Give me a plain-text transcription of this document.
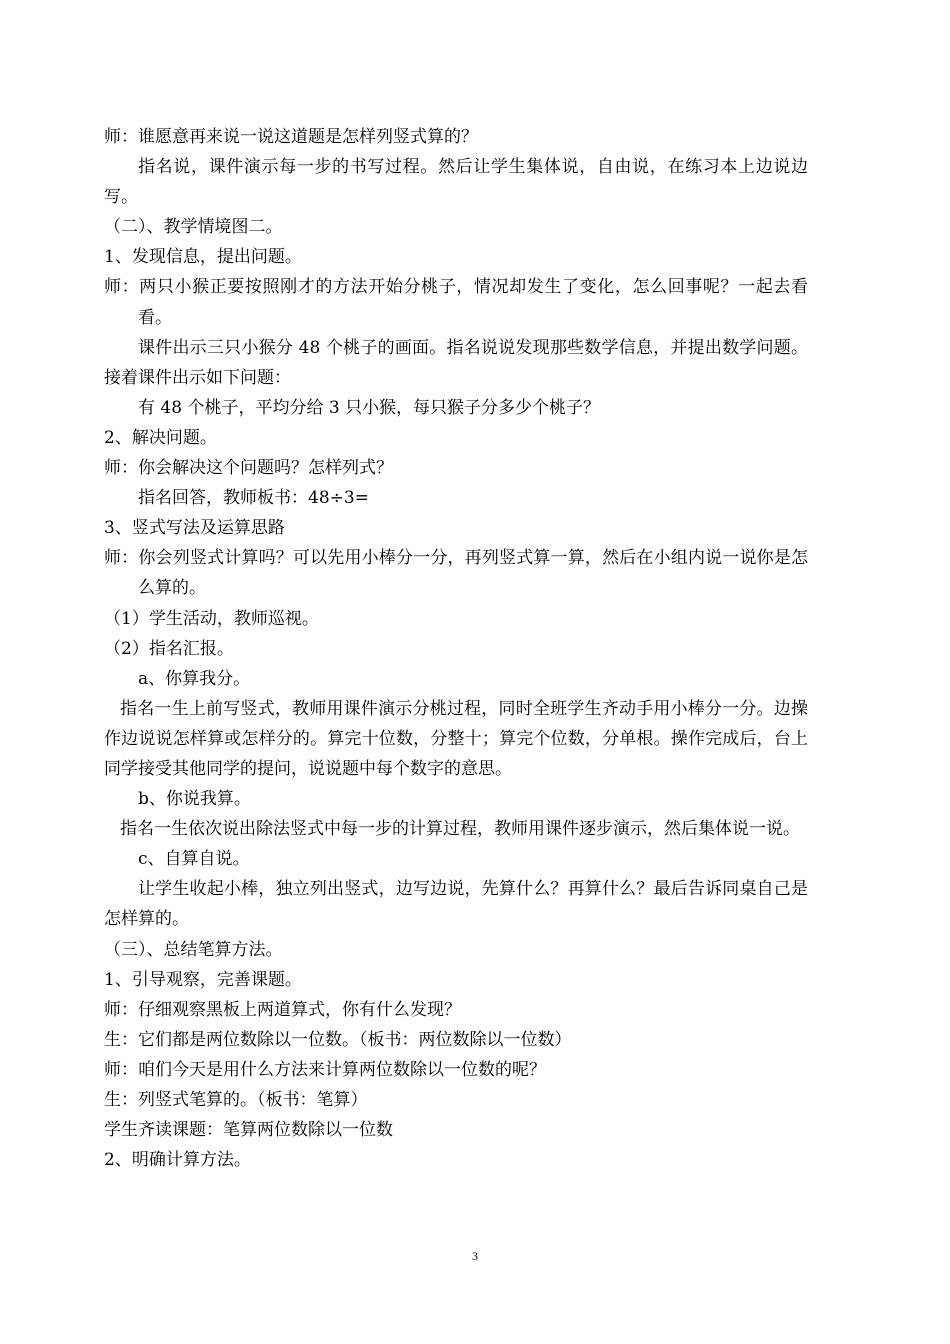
师：谁愿意再来说一说这道题是怎样列竖式算的？
指名说，课件演示每一步的书写过程。然后让学生集体说，自由说，在练习本上边说边写。
（二）、教学情境图二。
1、发现信息，提出问题。
师：两只小猴正要按照刚才的方法开始分桃子，情况却发生了变化，怎么回事呢？一起去看看。
课件出示三只小猴分 48 个桃子的画面。指名说说发现那些数学信息，并提出数学问题。接着课件出示如下问题：
有 48 个桃子，平均分给 3 只小猴，每只猴子分多少个桃子？
2、解决问题。
师：你会解决这个问题吗？怎样列式？
指名回答，教师板书：48÷3=
3、竖式写法及运算思路
师：你会列竖式计算吗？可以先用小棒分一分，再列竖式算一算，然后在小组内说一说你是怎么算的。
（1）学生活动，教师巡视。
（2）指名汇报。
a、你算我分。
指名一生上前写竖式，教师用课件演示分桃过程，同时全班学生齐动手用小棒分一分。边操作边说说怎样算或怎样分的。算完十位数，分整十；算完个位数，分单根。操作完成后，台上同学接受其他同学的提问，说说题中每个数字的意思。
b、你说我算。
指名一生依次说出除法竖式中每一步的计算过程，教师用课件逐步演示，然后集体说一说。
c、自算自说。
让学生收起小棒，独立列出竖式，边写边说，先算什么？再算什么？最后告诉同桌自己是怎样算的。
（三）、总结笔算方法。
1、引导观察，完善课题。
师：仔细观察黑板上两道算式，你有什么发现？
生：它们都是两位数除以一位数。（板书：两位数除以一位数）
师：咱们今天是用什么方法来计算两位数除以一位数的呢？
生：列竖式笔算的。（板书：笔算）
学生齐读课题：笔算两位数除以一位数
2、明确计算方法。
3
